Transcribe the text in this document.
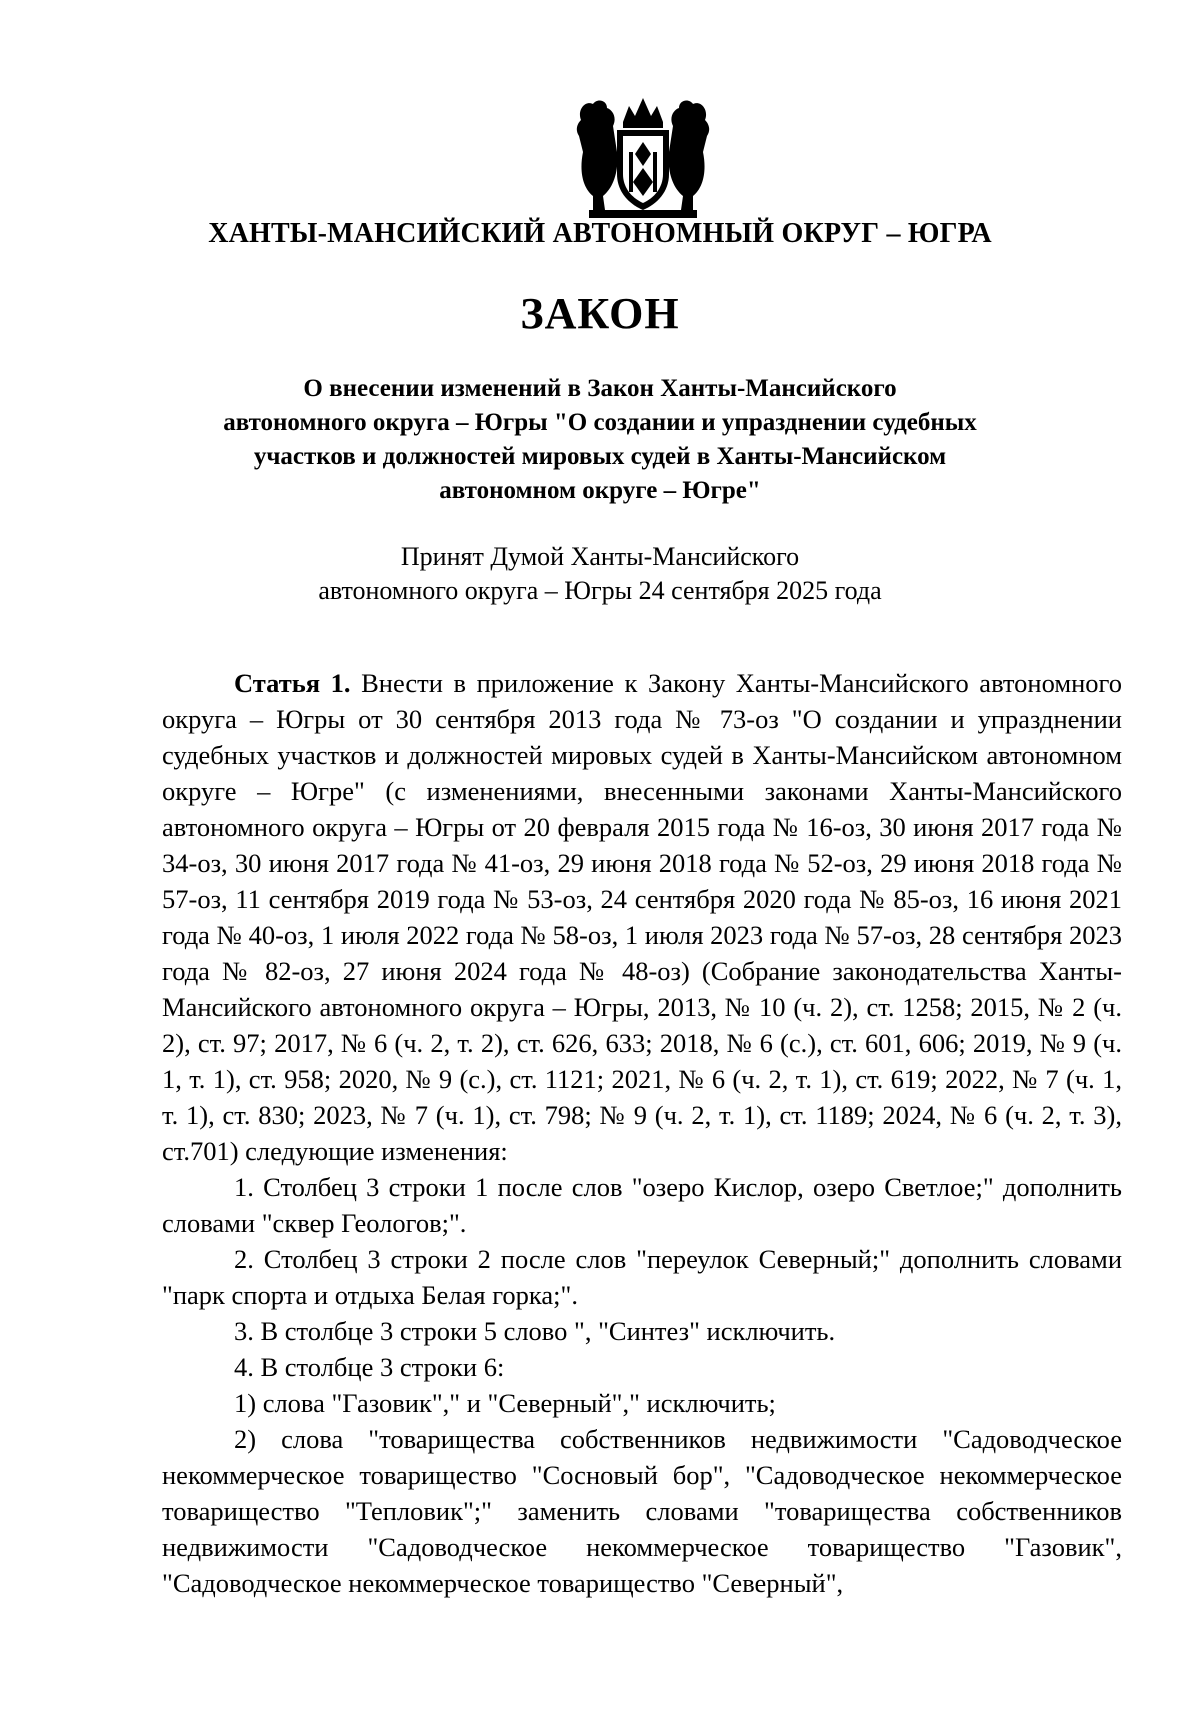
ХАНТЫ-МАНСИЙСКИЙ АВТОНОМНЫЙ ОКРУГ – ЮГРА
ЗАКОН
О внесении изменений в Закон Ханты-Мансийского
автономного округа – Югры "О создании и упразднении судебных
участков и должностей мировых судей в Ханты-Мансийском
автономном округе – Югре"
Принят Думой Ханты-Мансийского
автономного округа – Югры 24 сентября 2025 года

Статья 1. Внести в приложение к Закону Ханты-Мансийского автономного округа – Югры от 30 сентября 2013 года № 73-оз "О создании и упразднении судебных участков и должностей мировых судей в Ханты-Мансийском автономном округе – Югре" (с изменениями, внесенными законами Ханты-Мансийского автономного округа – Югры от 20 февраля 2015 года № 16-оз, 30 июня 2017 года № 34-оз, 30 июня 2017 года № 41-оз, 29 июня 2018 года № 52-оз, 29 июня 2018 года № 57-оз, 11 сентября 2019 года № 53-оз, 24 сентября 2020 года № 85-оз, 16 июня 2021 года № 40-оз, 1 июля 2022 года № 58-оз, 1 июля 2023 года № 57-оз, 28 сентября 2023 года № 82-оз, 27 июня 2024 года № 48-оз) (Собрание законодательства Ханты-Мансийского автономного округа – Югры, 2013, № 10 (ч. 2), ст. 1258; 2015, № 2 (ч. 2), ст. 97; 2017, № 6 (ч. 2, т. 2), ст. 626, 633; 2018, № 6 (с.), ст. 601, 606; 2019, № 9 (ч. 1, т. 1), ст. 958; 2020, № 9 (с.), ст. 1121; 2021, № 6 (ч. 2, т. 1), ст. 619; 2022, № 7 (ч. 1, т. 1), ст. 830; 2023, № 7 (ч. 1), ст. 798; № 9 (ч. 2, т. 1), ст. 1189; 2024, № 6 (ч. 2, т. 3), ст.701) следующие изменения:

1. Столбец 3 строки 1 после слов "озеро Кислор, озеро Светлое;" дополнить словами "сквер Геологов;".

2. Столбец 3 строки 2 после слов "переулок Северный;" дополнить словами "парк спорта и отдыха Белая горка;".

3. В столбце 3 строки 5 слово ", "Синтез" исключить.

4. В столбце 3 строки 6:

1) слова "Газовик"," и "Северный"," исключить;

2) слова "товарищества собственников недвижимости "Садоводческое некоммерческое товарищество "Сосновый бор", "Садоводческое некоммерческое товарищество "Тепловик";" заменить словами "товарищества собственников недвижимости "Садоводческое некоммерческое товарищество "Газовик", "Садоводческое некоммерческое товарищество "Северный",
